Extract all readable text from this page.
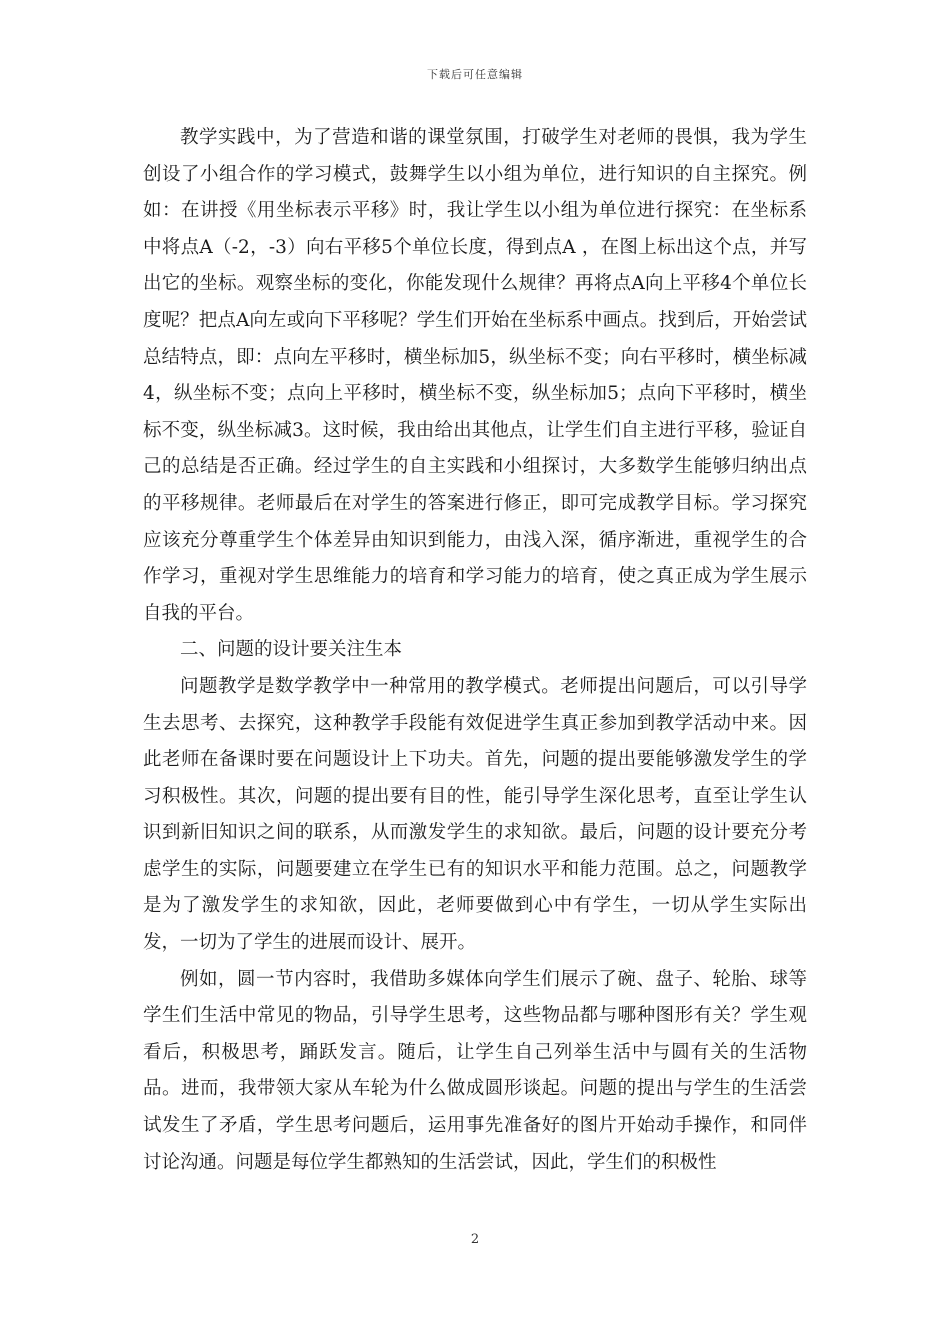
下载后可任意编辑

教学实践中，为了营造和谐的课堂氛围，打破学生对老师的畏惧，我为学生创设了小组合作的学习模式，鼓舞学生以小组为单位，进行知识的自主探究。例如：在讲授《用坐标表示平移》时，我让学生以小组为单位进行探究：在坐标系中将点A（-2，-3）向右平移5个单位长度，得到点A ，在图上标出这个点，并写出它的坐标。观察坐标的变化，你能发现什么规律？再将点A向上平移4个单位长度呢？把点A向左或向下平移呢？学生们开始在坐标系中画点。找到后，开始尝试总结特点，即：点向左平移时，横坐标加5，纵坐标不变；向右平移时，横坐标减4，纵坐标不变；点向上平移时，横坐标不变，纵坐标加5；点向下平移时，横坐标不变，纵坐标减3。这时候，我由给出其他点，让学生们自主进行平移，验证自己的总结是否正确。经过学生的自主实践和小组探讨，大多数学生能够归纳出点的平移规律。老师最后在对学生的答案进行修正，即可完成教学目标。学习探究应该充分尊重学生个体差异由知识到能力，由浅入深，循序渐进，重视学生的合作学习，重视对学生思维能力的培育和学习能力的培育，使之真正成为学生展示自我的平台。

二、问题的设计要关注生本

问题教学是数学教学中一种常用的教学模式。老师提出问题后，可以引导学生去思考、去探究，这种教学手段能有效促进学生真正参加到教学活动中来。因此老师在备课时要在问题设计上下功夫。首先，问题的提出要能够激发学生的学习积极性。其次，问题的提出要有目的性，能引导学生深化思考，直至让学生认识到新旧知识之间的联系，从而激发学生的求知欲。最后，问题的设计要充分考虑学生的实际，问题要建立在学生已有的知识水平和能力范围。总之，问题教学是为了激发学生的求知欲，因此，老师要做到心中有学生，一切从学生实际出发，一切为了学生的进展而设计、展开。

例如，圆一节内容时，我借助多媒体向学生们展示了碗、盘子、轮胎、球等学生们生活中常见的物品，引导学生思考，这些物品都与哪种图形有关？学生观看后，积极思考，踊跃发言。随后，让学生自己列举生活中与圆有关的生活物品。进而，我带领大家从车轮为什么做成圆形谈起。问题的提出与学生的生活尝试发生了矛盾，学生思考问题后，运用事先准备好的图片开始动手操作，和同伴讨论沟通。问题是每位学生都熟知的生活尝试，因此，学生们的积极性

2
